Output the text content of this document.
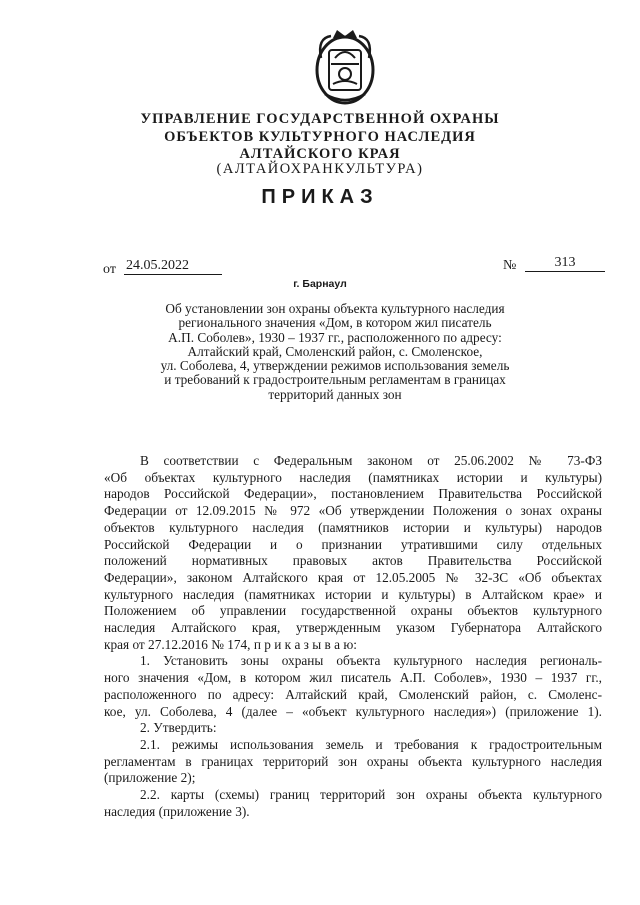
УПРАВЛЕНИЕ ГОСУДАРСТВЕННОЙ ОХРАНЫ
ОБЪЕКТОВ КУЛЬТУРНОГО НАСЛЕДИЯ
АЛТАЙСКОГО КРАЯ
(АЛТАЙОХРАНКУЛЬТУРА)
ПРИКАЗ
от 24.05.2022	№	313
г. Барнаул
Об установлении зон охраны объекта культурного наследия
регионального значения «Дом, в котором жил писатель
А.П. Соболев», 1930 – 1937 гг., расположенного по адресу:
Алтайский край, Смоленский район, с. Смоленское,
ул. Соболева, 4, утверждении режимов использования земель
и требований к градостроительным регламентам в границах
территорий данных зон
В соответствии с Федеральным законом от 25.06.2002 № 73-ФЗ
«Об объектах культурного наследия (памятниках истории и культуры)
народов Российской Федерации», постановлением Правительства Российской
Федерации от 12.09.2015 № 972 «Об утверждении Положения о зонах охраны
объектов культурного наследия (памятников истории и культуры) народов
Российской Федерации и о признании утратившими силу отдельных
положений нормативных правовых актов Правительства Российской
Федерации», законом Алтайского края от 12.05.2005 № 32-ЗС «Об объектах
культурного наследия (памятниках истории и культуры) в Алтайском крае» и
Положением об управлении государственной охраны объектов культурного
наследия Алтайского края, утвержденным указом Губернатора Алтайского
края от 27.12.2016 № 174, п р и к а з ы в а ю:
1. Установить зоны охраны объекта культурного наследия региональ-
ного значения «Дом, в котором жил писатель А.П. Соболев», 1930 – 1937 гг.,
расположенного по адресу: Алтайский край, Смоленский район, с. Смоленс-
кое, ул. Соболева, 4 (далее – «объект культурного наследия») (приложение 1).
2. Утвердить:
2.1. режимы использования земель и требования к градостроительным
регламентам в границах территорий зон охраны объекта культурного наследия
(приложение 2);
2.2. карты (схемы) границ территорий зон охраны объекта культурного
наследия (приложение 3).
